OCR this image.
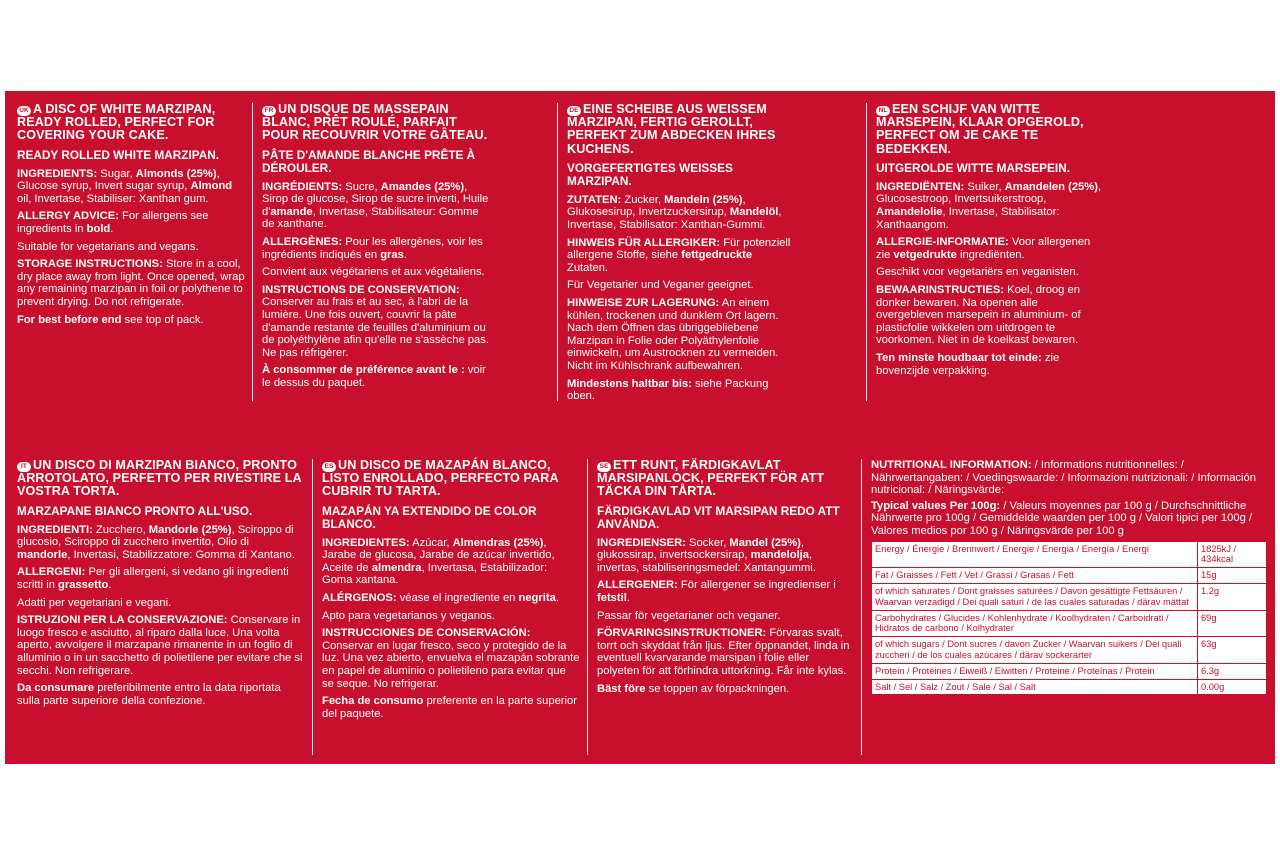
UK A DISC OF WHITE MARZIPAN, READY ROLLED, PERFECT FOR COVERING YOUR CAKE.
READY ROLLED WHITE MARZIPAN.
INGREDIENTS: Sugar, Almonds (25%), Glucose syrup, Invert sugar syrup, Almond oil, Invertase, Stabiliser: Xanthan gum.
ALLERGY ADVICE: For allergens see ingredients in bold.
Suitable for vegetarians and vegans.
STORAGE INSTRUCTIONS: Store in a cool, dry place away from light. Once opened, wrap any remaining marzipan in foil or polythene to prevent drying. Do not refrigerate.
For best before end see top of pack.
FR UN DISQUE DE MASSEPAIN BLANC, PRÊT ROULÉ, PARFAIT POUR RECOUVRIR VOTRE GÂTEAU.
PÂTE D'AMANDE BLANCHE PRÊTE À DÉROULER.
INGRÉDIENTS: Sucre, Amandes (25%), Sirop de glucose, Sirop de sucre inverti, Huile d'amande, Invertase, Stabilisateur: Gomme de xanthane.
ALLERGÈNES: Pour les allergènes, voir les ingrédients indiqués en gras.
Convient aux végétariens et aux végétaliens.
INSTRUCTIONS DE CONSERVATION: Conserver au frais et au sec, à l'abri de la lumière. Une fois ouvert, couvrir la pâte d'amande restante de feuilles d'aluminium ou de polyéthylène afin qu'elle ne s'assèche pas. Ne pas réfrigérer.
À consommer de préférence avant le : voir le dessus du paquet.
DE EINE SCHEIBE AUS WEISSEM MARZIPAN, FERTIG GEROLLT, PERFEKT ZUM ABDECKEN IHRES KUCHENS.
VORGEFERTIGTES WEISSES MARZIPAN.
ZUTATEN: Zucker, Mandeln (25%), Glukosesirup, Invertzuckersirup, Mandelöl, Invertase, Stabilisator: Xanthan-Gummi.
HINWEIS FÜR ALLERGIKER: Für potenziell allergene Stoffe, siehe fettgedruckte Zutaten.
Für Vegetarier und Veganer geeignet.
HINWEISE ZUR LAGERUNG: An einem kühlen, trockenen und dunklem Ort lagern. Nach dem Öffnen das übriggebliebene Marzipan in Folie oder Polyäthylenfolie einwickeln, um Austrocknen zu vermeiden. Nicht im Kühlschrank aufbewahren.
Mindestens haltbar bis: siehe Packung oben.
NL EEN SCHIJF VAN WITTE MARSEPEIN, KLAAR OPGEROLD, PERFECT OM JE CAKE TE BEDEKKEN.
UITGEROLDE WITTE MARSEPEIN.
INGREDIËNTEN: Suiker, Amandelen (25%), Glucosestroop, Invertsuikerstroop, Amandelolie, Invertase, Stabilisator: Xanthaangom.
ALLERGIE-INFORMATIE: Voor allergenen zie vetgedrukte ingrediënten.
Geschikt voor vegetariërs en veganisten.
BEWAARINSTRUCTIES: Koel, droog en donker bewaren. Na openen alle overgebleven marsepein in aluminium- of plasticfolie wikkelen om uitdrogen te voorkomen. Niet in de koelkast bewaren.
Ten minste houdbaar tot einde: zie bovenzijde verpakking.
IT UN DISCO DI MARZIPAN BIANCO, PRONTO ARROTOLATO, PERFETTO PER RIVESTIRE LA VOSTRA TORTA.
MARZAPANE BIANCO PRONTO ALL'USO.
INGREDIENTI: Zucchero, Mandorle (25%), Sciroppo di glucosio, Sciroppo di zucchero invertito, Olio di mandorle, Invertasi, Stabilizzatore: Gomma di Xantano.
ALLERGENI: Per gli allergeni, si vedano gli ingredienti scritti in grassetto.
Adatti per vegetariani e vegani.
ISTRUZIONI PER LA CONSERVAZIONE: Conservare in luogo fresco e asciutto, al riparo dalla luce. Una volta aperto, avvolgere il marzapane rimanente in un foglio di alluminio o in un sacchetto di polietilene per evitare che si secchi. Non refrigerare.
Da consumare preferibilmente entro la data riportata sulla parte superiore della confezione.
ES UN DISCO DE MAZAPÁN BLANCO, LISTO ENROLLADO, PERFECTO PARA CUBRIR TU TARTA.
MAZAPÁN YA EXTENDIDO DE COLOR BLANCO.
INGREDIENTES: Azúcar, Almendras (25%), Jarabe de glucosa, Jarabe de azúcar invertido, Aceite de almendra, Invertasa, Estabilizador: Goma xantana.
ALÉRGENOS: véase el ingrediente en negrita.
Apto para vegetarianos y veganos.
INSTRUCCIONES DE CONSERVACIÓN: Conservar en lugar fresco, seco y protegido de la luz. Una vez abierto, envuelva el mazapán sobrante en papel de aluminio o polietileno para evitar que se seque. No refrigerar.
Fecha de consumo preferente en la parte superior del paquete.
SE ETT RUNT, FÄRDIGKAVLAT MARSIPANLOCK, PERFEKT FÖR ATT TÄCKA DIN TÅRTA.
FÄRDIGKAVLAD VIT MARSIPAN REDO ATT ANVÄNDA.
INGREDIENSER: Socker, Mandel (25%), glukossirap, invertsockersirap, mandelolja, invertas, stabiliseringsmedel: Xantangummi.
ALLERGENER: För allergener se ingredienser i fetstil.
Passar för vegetarianer och veganer.
FÖRVARINGSINSTRUKTIONER: Förvaras svalt, torrt och skyddat från ljus. Efter öppnandet, linda in eventuell kvarvarande marsipan i folie eller polyeten för att förhindra uttorkning. Får inte kylas.
Bäst före se toppen av förpackningen.
NUTRITIONAL INFORMATION: / Informations nutritionnelles: / Nährwertangaben: / Voedingswaarde: / Informazioni nutrizionali: / Información nutricional: / Näringsvärde:
Typical values Per 100g: / Valeurs moyennes par 100 g / Durchschnittliche Nährwerte pro 100g / Gemiddelde waarden per 100 g / Valori tipici per 100g / Valores medios por 100 g / Näringsvärde per 100 g
Energy / Énergie / Brennwert / Energie / Energia / Energía / Energi	1825kJ / 434kcal
Fat / Graisses / Fett / Vet / Grassi / Grasas / Fett	15g
of which saturates / Dont graisses saturées / Davon gesättigte Fettsäuren / Waarvan verzadigd / Dei quali saturi / de las cuales saturadas / därav mättat	1.2g
Carbohydrates / Glucides / Kohlenhydrate / Koolhydraten / Carboidrati / Hidratos de carbono / Kolhydrater	69g
of which sugars / Dont sucres / davon Zucker / Waarvan suikers / Dei quali zuccheri / de los cuales azúcares / därav sockerarter	63g
Protein / Protéines / Eiweiß / Eiwitten / Proteine / Proteínas / Protein	6.3g
Salt / Sel / Salz / Zout / Sale / Sal / Salt	0.00g
